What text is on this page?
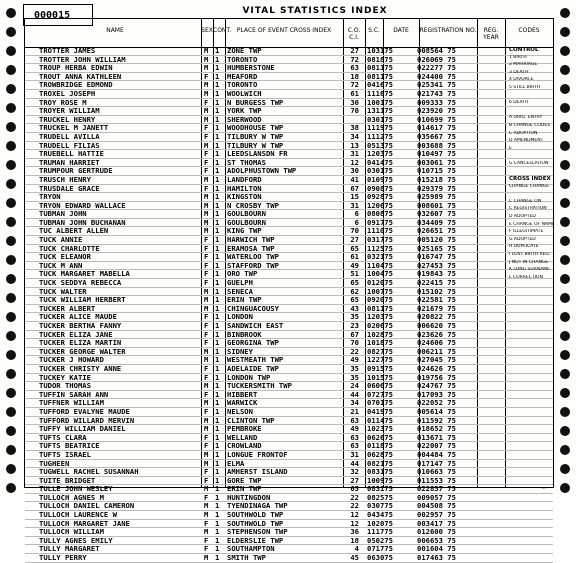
000015	VITAL STATISTICS INDEX
NAME	SEX CONT. PLACE OF EVENT CROSS INDEX	C.O. C.I.
S.C.	DATE	REGISTRATION NO.	REG. YEAR
CODES
TROTTER JAMES	M 1	ZONE TWP	27 103175	008564 75
TROTTER JOHN WILLIAM	M 1	TORONTO	72 081875	026069 75
TROUP HERBA EDWIN	M 1	HUMBERSTONE	63 081175	022277 75
TROUT ANNA KATHLEEN	F 1	MEAFORD	18 081175	024400 75
TROWBRIDGE EDMOND	M 1	TORONTO	72 041675	025341 75
TROXEL JOSEPH	M 1	WOOLWICH	61 111675	021743 75
TROY ROSE M	F 1	N BURGESS TWP	30 100175	009333 75
TROYER WILLIAM	M 1	YORK TWP	70 131175	023920 75
TRUCKEL HENRY	M 1	SHERWOOD	030175	010699 75
TRUCKEL M JANETT	F 1	WOODHOUSE TWP	38 111975	014617 75
TRUDELL AVILLA	F 1	TILBURY W TWP	34 111275	035667 75
TRUDELL FILIAS	M 1	TILBURY W TWP	13 051375	003688 75
TRUEBELL HATTIE	F 1	LEEDSLANSDN FR	31 120375	010497 75
TRUMAN HARRIET	F 1	ST THOMAS	12 041475	003061 75
TRUMPOUR GERTRUDE	F 1	ADOLPHUSTOWN TWP	30 030175	010715 75
TRUSCH HENRY	M 1	LANDFORD	41 010975	015218 75
TRUSDALE GRACE	F 1	HAMILTON	67 090875	029379 75
TRYON	M 1	KINGSTON	15 092875	025989 75
TRYON EDWARD WALLACE	M 1	N CROSBY TWP	31 120675	008601 75
TUBMAN JOHN	M 1	GOULBOURN	6 080875	032607 75
TUBMAN JOHN BUCHANAN	M 1	GOULBOURN	6 091775	034409 75
TUC ALBERT ALLEN	M 1	KING TWP	70 111075	026651 75
TUCK ANNIE	F 1	HARWICH TWP	27 031775	005120 75
TUCK CHARLOTTE	F 1	ERAMOSA TWP	65 112575	025165 75
TUCK ELEANOR	F 1	WATERLOO TWP	61 032175	016747 75
TUCK M ANN	F 1	STAFFORD TWP	49 110475	027453 75
TUCK MARGARET MABELLA	F 1	ORO TWP	51 100475	019843 75
TUCK SEDDYA REBECCA	F 1	GUELPH	65 012075	022415 75
TUCK WALTER	M 1	SENECA	62 100775	015102 75
TUCK WILLIAM HERBERT	M 1	ERIN TWP	65 092075	022581 75
TUCKER ALBERT	M 1	CHINGUACOUSY	43 081175	021679 75
TUCKER ALICE MAUDE	F 1	LONDON	35 120375	020822 75
TUCKER BERTHA FANNY	F 1	SANDWICH EAST	23 020675	006620 75
TUCKER ELIZA JANE	F 1	BINBROOK	67 102875	023626 75
TUCKER ELIZA MARTIN	F 1	GEORGINA TWP	70 101875	024606 75
TUCKER GEORGE WALTER	M 1	SIDNEY	22 082775	006211 75
TUCKER J HOWARD	M 1	WESTMEATH TWP	49 122775	027045 75
TUCKER CHRISTY ANNE	F 1	ADELAIDE TWP	35 091575	024626 75
TUCKEY KATIE	F 1	LONDON TWP	35 101575	019756 75
TUDOR THOMAS	M 1	TUCKERSMITH TWP	24 060675	024767 75
TUFFIN SARAH ANN	F 1	HIBBERT	44 072775	017093 75
TUFFNER WILLIAM	M 1	WARWICK	34 070175	022052 75
TUFFORD EVALYNE MAUDE	F 1	NELSON	21 041975	005614 75
TUFFORD WILLARD MERVIN	M 1	CLINTON TWP	63 011475	011592 75
TUFFY WILLIAM DANIEL	M 1	PEMBROKE	49 102375	018652 75
TUFTS CLARA	F 1	WELLAND	63 062675	013671 75
TUFTS BEATRICE	F 1	CROWLAND	63 011875	022007 75
TUFTS ISRAEL	M 1	LONGUE FRONTOF	31 062875	004484 75
TUGHEEN	M 1	ELMA	44 082175	017147 75
TUGWELL RACHEL SUSANNAH	F 1	AMHERST ISLAND	32 083175	010663 75
TUITE BRIDGET	F 1	GORE TWP	27 100975	011553 75
TULLE JOHN WESLEY	M 1	ERIN TWP	65 083175	022837 75
TULLOCH AGNES M	F 1	HUNTINGDON	22 082575	009057 75
TULLOCH DANIEL CAMERON	M 1	TYENDINAGA TWP	22 030775	004508 75
TULLOCH LAURENCE W	M 1	SOUTHWOLD TWP	12 043475	002957 75
TULLOCH MARGARET JANE	F 1	SOUTHWOLD TWP	12 102075	003417 75
TULLOCH WILLIAM	M 1	STEPHENSON TWP	36 111775	012600 75
TULLY AGNES EMILY	F 1	ELDERSLIE TWP	18 050275	006653 75
TULLY MARGARET	F 1	SOUTHAMPTON	4 071775	001604 75
TULLY PERRY	M 1	SMITH TWP	45 063075	017463 75
CONTROL
1 BIRTH
2 MARRIAGE
3 DEATH
4 DIVORCE
5 STILL BIRTH
6 DEATH
A ORIG. ENTRY
B CHANGE CODES
C ADOPTION
D AMENDMENT
E
G CANCELLATION
CROSS INDEX
CHANGE CHANGE
C CHANGE ON
C REGISTRATION
D ADOPTED
E CHANGE OF NAME
F ILLEGITIMATE
G ADOPTED
H DUPLICATE
I LOST BIRTH REG.
J NOT IN CHANGE
K LONG SURNAME
L CORRECTION
...
